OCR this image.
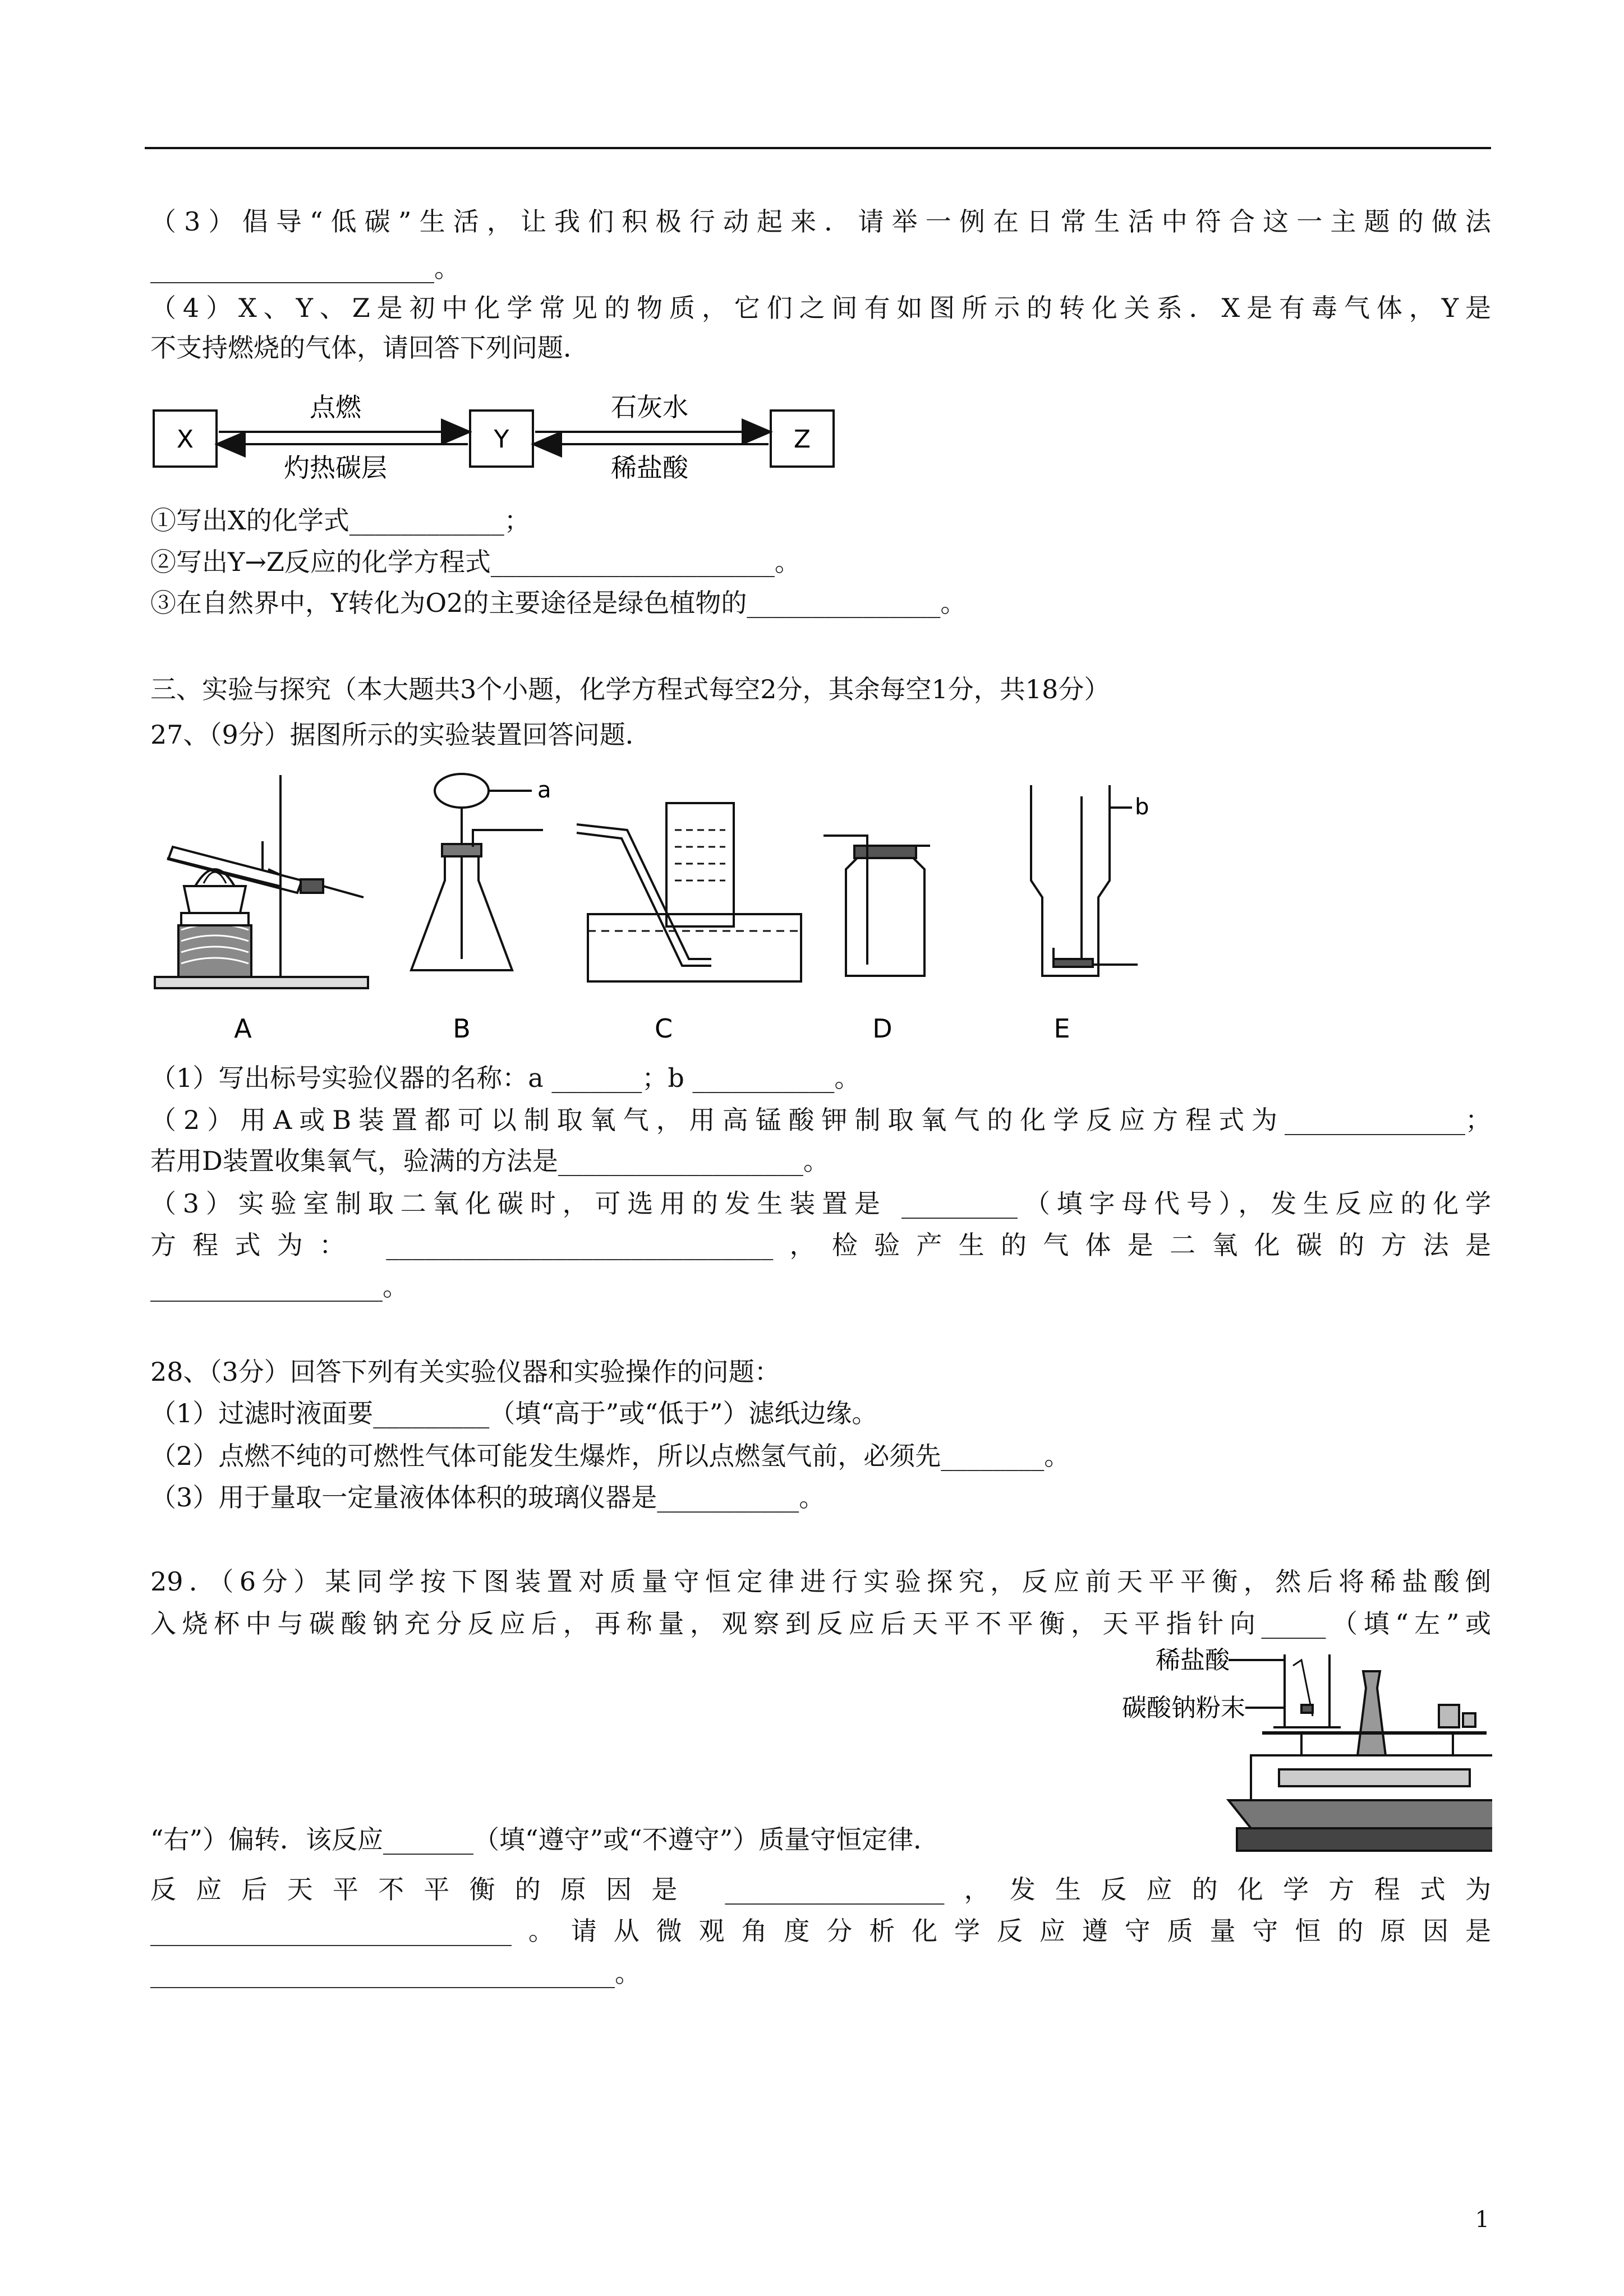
（3）倡导“低碳”生活，让我们积极行动起来．请举一例在日常生活中符合这一主题的做法
______________________。
（4）X、Y、Z是初中化学常见的物质，它们之间有如图所示的转化关系．X是有毒气体，Y是
不支持燃烧的气体，请回答下列问题．
X	Y	Z
点燃
灼热碳层
石灰水
稀盐酸
①写出X的化学式____________；
②写出Y→Z反应的化学方程式______________________。
③在自然界中，Y转化为O2的主要途径是绿色植物的_______________。
三、实验与探究（本大题共3个小题，化学方程式每空2分，其余每空1分，共18分）
27、（9分）据图所示的实验装置回答问题．
A
a
B	C	D
b
E
（1）写出标号实验仪器的名称：a _______；b ___________。
（2）用A或B装置都可以制取氧气，用高锰酸钾制取氧气的化学反应方程式为______________；
若用D装置收集氧气，验满的方法是___________________。
（3）实验室制取二氧化碳时，可选用的发生装置是 _________（填字母代号），发生反应的化学
方程式为： ______________________________，检验产生的气体是二氧化碳的方法是
__________________。
28、（3分）回答下列有关实验仪器和实验操作的问题：
（1）过滤时液面要_________（填“高于”或“低于”）滤纸边缘。
（2）点燃不纯的可燃性气体可能发生爆炸，所以点燃氢气前，必须先________。
（3）用于量取一定量液体体积的玻璃仪器是___________。
29．（6分）某同学按下图装置对质量守恒定律进行实验探究，反应前天平平衡，然后将稀盐酸倒
入烧杯中与碳酸钠充分反应后，再称量，观察到反应后天平不平衡，天平指针向_____（填“左”或
稀盐酸
碳酸钠粉末
“右”）偏转．该反应_______（填“遵守”或“不遵守”）质量守恒定律．
反应后天平不平衡的原因是 _________________，发生反应的化学方程式为
____________________________。请从微观角度分析化学反应遵守质量守恒的原因是
____________________________________。
1
